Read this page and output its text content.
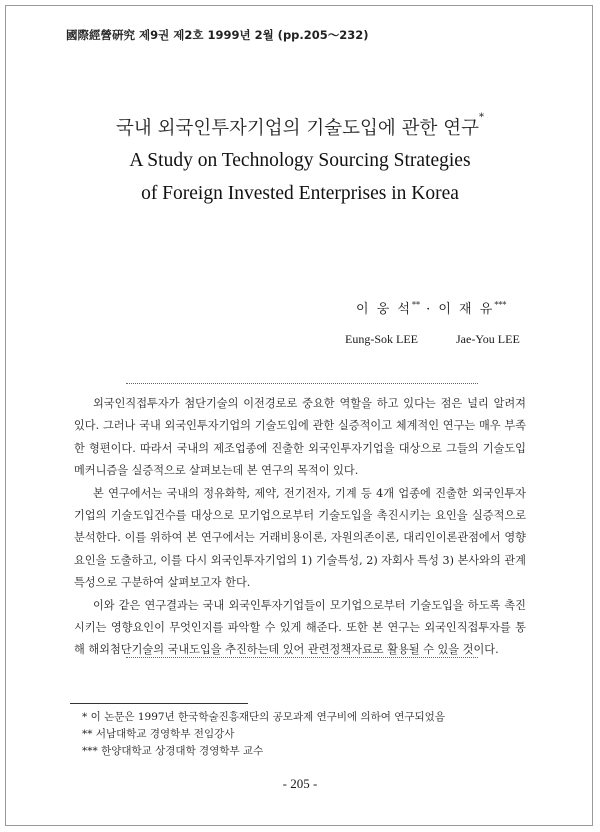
國際經營硏究 제9권 제2호 1999년 2월 (pp.205～232)
국내 외국인투자기업의 기술도입에 관한 연구*
A Study on Technology Sourcing Strategies
of Foreign Invested Enterprises in Korea
이 웅 석** · 이 재 유***
Eung-Sok LEE	Jae-You LEE

외국인직접투자가 첨단기술의 이전경로로 중요한 역할을 하고 있다는 점은 널리 알려져 있다. 그러나 국내 외국인투자기업의 기술도입에 관한 실증적이고 체계적인 연구는 매우 부족한 형편이다. 따라서 국내의 제조업종에 진출한 외국인투자기업을 대상으로 그들의 기술도입메커니즘을 실증적으로 살펴보는데 본 연구의 목적이 있다.

본 연구에서는 국내의 정유화학, 제약, 전기전자, 기계 등 4개 업종에 진출한 외국인투자기업의 기술도입건수를 대상으로 모기업으로부터 기술도입을 촉진시키는 요인을 실증적으로 분석한다. 이를 위하여 본 연구에서는 거래비용이론, 자원의존이론, 대리인이론관점에서 영향요인을 도출하고, 이를 다시 외국인투자기업의 1) 기술특성, 2) 자회사 특성 3) 본사와의 관계특성으로 구분하여 살펴보고자 한다.

이와 같은 연구결과는 국내 외국인투자기업들이 모기업으로부터 기술도입을 하도록 촉진시키는 영향요인이 무엇인지를 파악할 수 있게 해준다. 또한 본 연구는 외국인직접투자를 통해 해외첨단기술의 국내도입을 추진하는데 있어 관련정책자료로 활용될 수 있을 것이다.

* 이 논문은 1997년 한국학술진흥재단의 공모과제 연구비에 의하여 연구되었음
** 서남대학교 경영학부 전임강사
*** 한양대학교 상경대학 경영학부 교수
- 205 -
